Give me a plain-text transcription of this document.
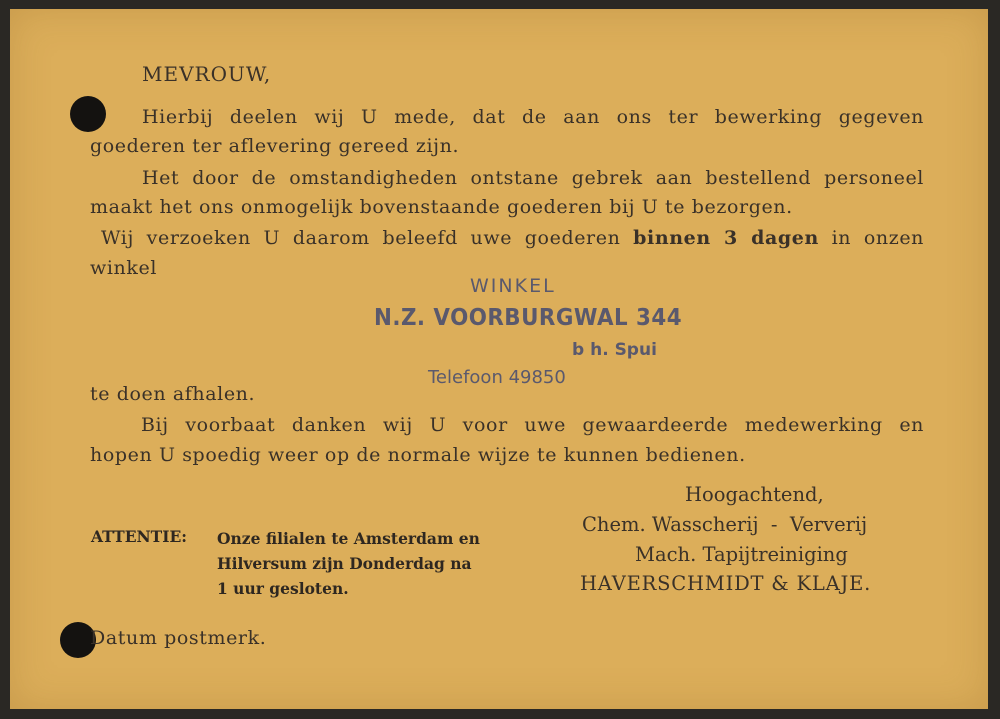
MEVROUW,
Hierbij deelen wij U mede, dat de aan ons ter bewerking gegeven
goederen ter aflevering gereed zijn.
Het door de omstandigheden ontstane gebrek aan bestellend personeel
maakt het ons onmogelijk bovenstaande goederen bij U te bezorgen.
Wij verzoeken U daarom beleefd uwe goederen binnen 3 dagen in onzen
winkel
WINKEL
N.Z. VOORBURGWAL 344
b h. Spui
Telefoon 49850
te doen afhalen.
Bij voorbaat danken wij U voor uwe gewaardeerde medewerking en
hopen U spoedig weer op de normale wijze te kunnen bedienen.
ATTENTIE: Onze filialen te Amsterdam en
Hilversum zijn Donderdag na
1 uur gesloten.
Hoogachtend,
Chem. Wasscherij  -  Ververij
Mach. Tapijtreiniging
HAVERSCHMIDT & KLAJE.
Datum postmerk.
